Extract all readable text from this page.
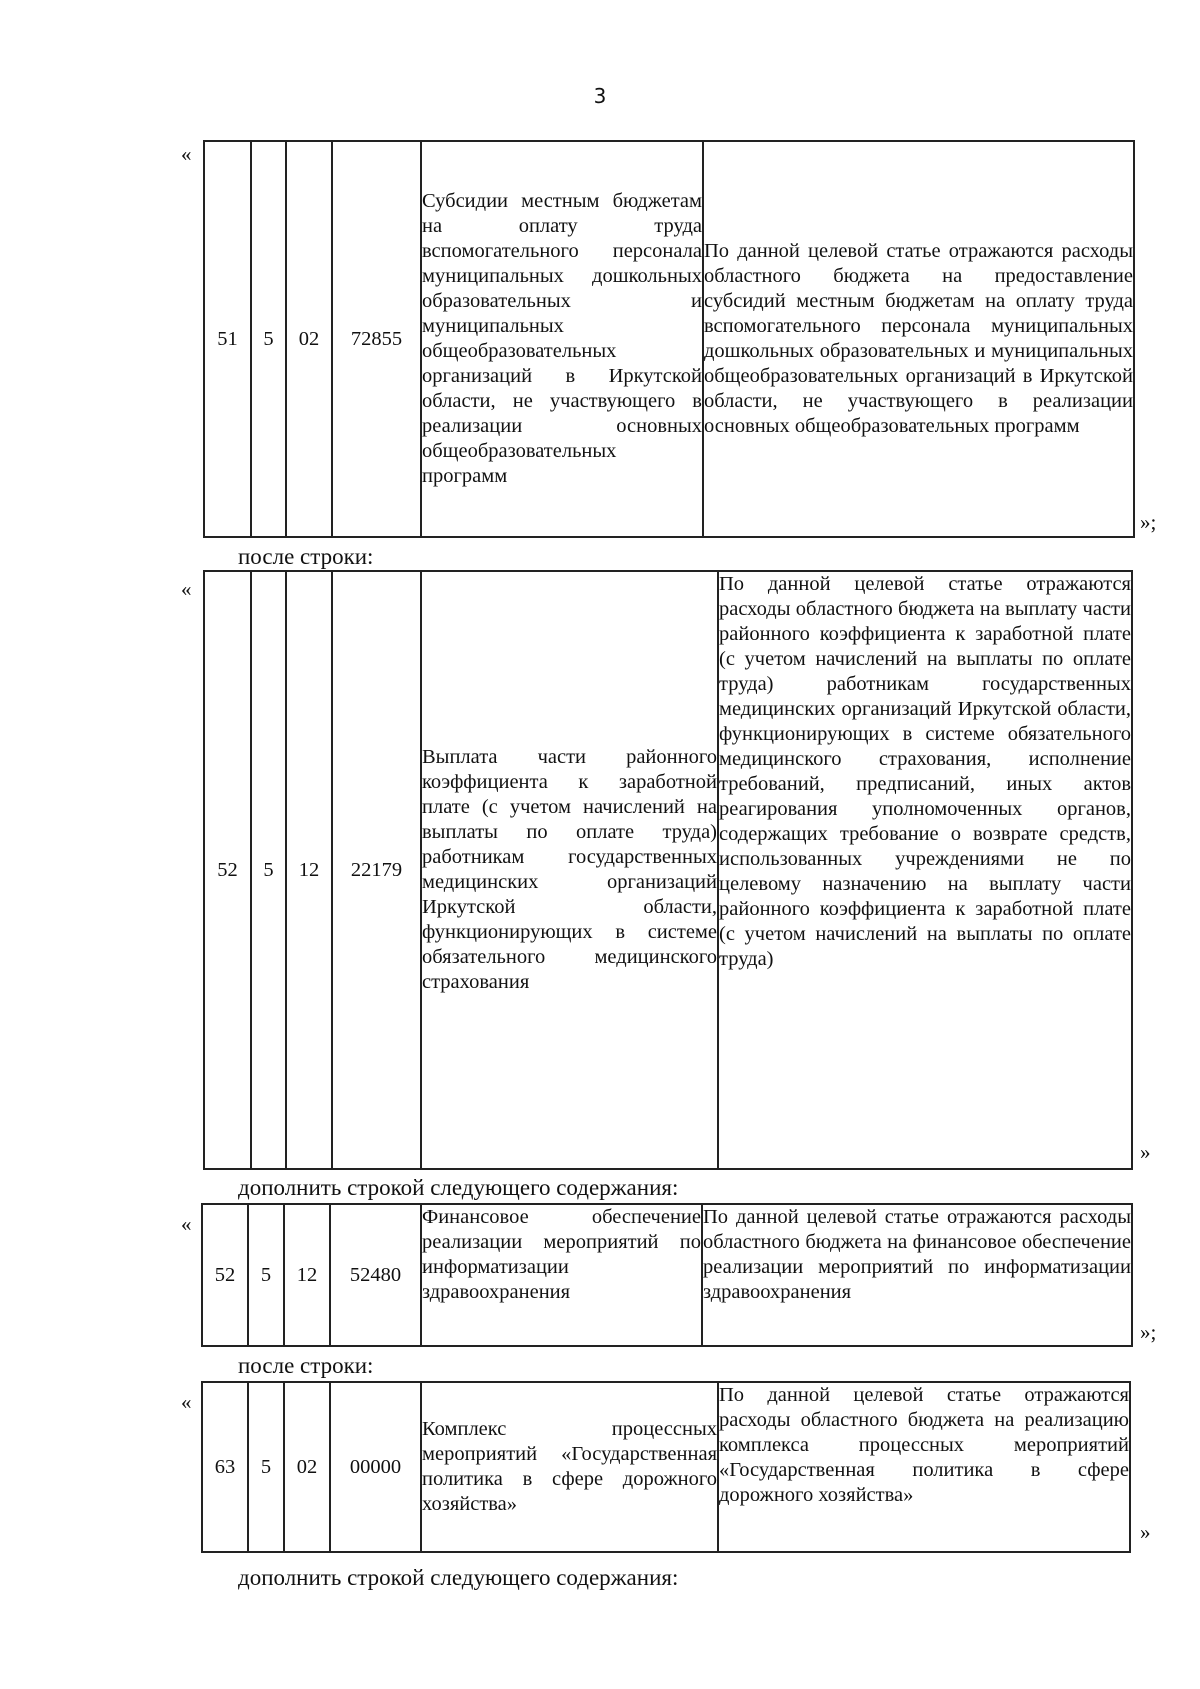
3
«
51	5	02	72855	Субсидии местным бюджетам на оплату труда вспомогательного персонала муниципальных дошкольных образовательных и муниципальных общеобразовательных организаций в Иркутской области, не участвующего в реализации основных общеобразовательных программ	По данной целевой статье отражаются расходы областного бюджета на предоставление субсидий местным бюджетам на оплату труда вспомогательного персонала муниципальных дошкольных образовательных и муниципальных общеобразовательных организаций в Иркутской области, не участвующего в реализации основных общеобразовательных программ
»;
после строки:
«
52	5	12	22179	Выплата части районного коэффициента к заработной плате (с учетом начислений на выплаты по оплате труда) работникам государственных медицинских организаций Иркутской области, функционирующих в системе обязательного медицинского страхования	По данной целевой статье отражаются расходы областного бюджета на выплату части районного коэффициента к заработной плате (с учетом начислений на выплаты по оплате труда) работникам государственных медицинских организаций Иркутской области, функционирующих в системе обязательного медицинского страхования, исполнение требований, предписаний, иных актов реагирования уполномоченных органов, содержащих требование о возврате средств, использованных учреждениями не по целевому назначению на выплату части районного коэффициента к заработной плате (с учетом начислений на выплаты по оплате труда)
»
дополнить строкой следующего содержания:
«
52	5	12	52480	Финансовое обеспечение реализации мероприятий по информатизации здравоохранения	По данной целевой статье отражаются расходы областного бюджета на финансовое обеспечение реализации мероприятий по информатизации здравоохранения
»;
после строки:
«
63	5	02	00000	Комплекс процессных мероприятий «Государственная политика в сфере дорожного хозяйства»	По данной целевой статье отражаются расходы областного бюджета на реализацию комплекса процессных мероприятий «Государственная политика в сфере дорожного хозяйства»
»
дополнить строкой следующего содержания:
